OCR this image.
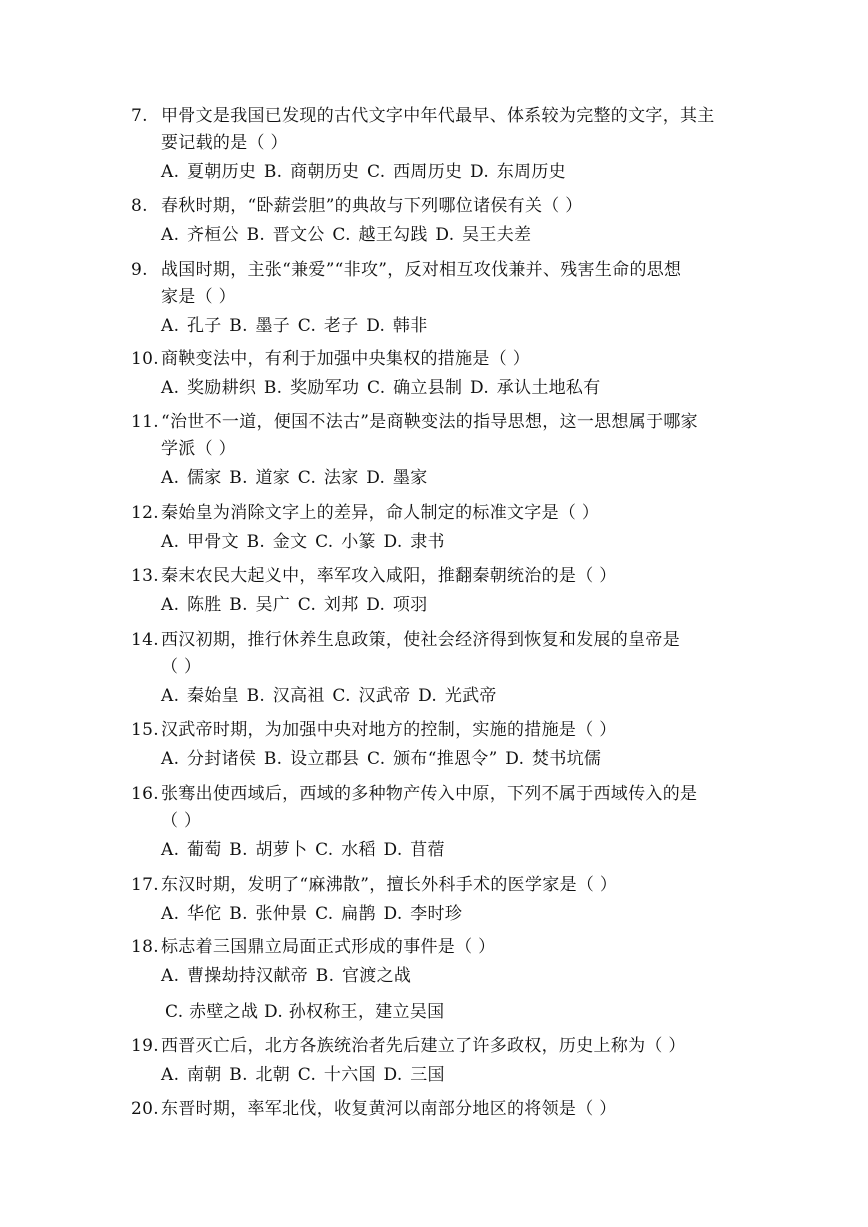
7. 甲骨文是我国已发现的古代文字中年代最早、体系较为完整的文字，其主
要记载的是（ ）
A. 夏朝历史 B. 商朝历史 C. 西周历史 D. 东周历史
8. 春秋时期，“卧薪尝胆”的典故与下列哪位诸侯有关（ ）
A. 齐桓公 B. 晋文公 C. 越王勾践 D. 吴王夫差
9. 战国时期，主张“兼爱”“非攻”，反对相互攻伐兼并、残害生命的思想
家是（ ）
A. 孔子 B. 墨子 C. 老子 D. 韩非
10. 商鞅变法中，有利于加强中央集权的措施是（ ）
A. 奖励耕织 B. 奖励军功 C. 确立县制 D. 承认土地私有
11. “治世不一道，便国不法古”是商鞅变法的指导思想，这一思想属于哪家
学派（ ）
A. 儒家 B. 道家 C. 法家 D. 墨家
12. 秦始皇为消除文字上的差异，命人制定的标准文字是（ ）
A. 甲骨文 B. 金文 C. 小篆 D. 隶书
13. 秦末农民大起义中，率军攻入咸阳，推翻秦朝统治的是（ ）
A. 陈胜 B. 吴广 C. 刘邦 D. 项羽
14. 西汉初期，推行休养生息政策，使社会经济得到恢复和发展的皇帝是
（ ）
A. 秦始皇 B. 汉高祖 C. 汉武帝 D. 光武帝
15. 汉武帝时期，为加强中央对地方的控制，实施的措施是（ ）
A. 分封诸侯 B. 设立郡县 C. 颁布“推恩令” D. 焚书坑儒
16. 张骞出使西域后，西域的多种物产传入中原，下列不属于西域传入的是
（ ）
A. 葡萄 B. 胡萝卜 C. 水稻 D. 苜蓿
17. 东汉时期，发明了“麻沸散”，擅长外科手术的医学家是（ ）
A. 华佗 B. 张仲景 C. 扁鹊 D. 李时珍
18. 标志着三国鼎立局面正式形成的事件是（ ）
A. 曹操劫持汉献帝 B. 官渡之战
C. 赤壁之战 D. 孙权称王，建立吴国
19. 西晋灭亡后，北方各族统治者先后建立了许多政权，历史上称为（ ）
A. 南朝 B. 北朝 C. 十六国 D. 三国
20. 东晋时期，率军北伐，收复黄河以南部分地区的将领是（ ）
